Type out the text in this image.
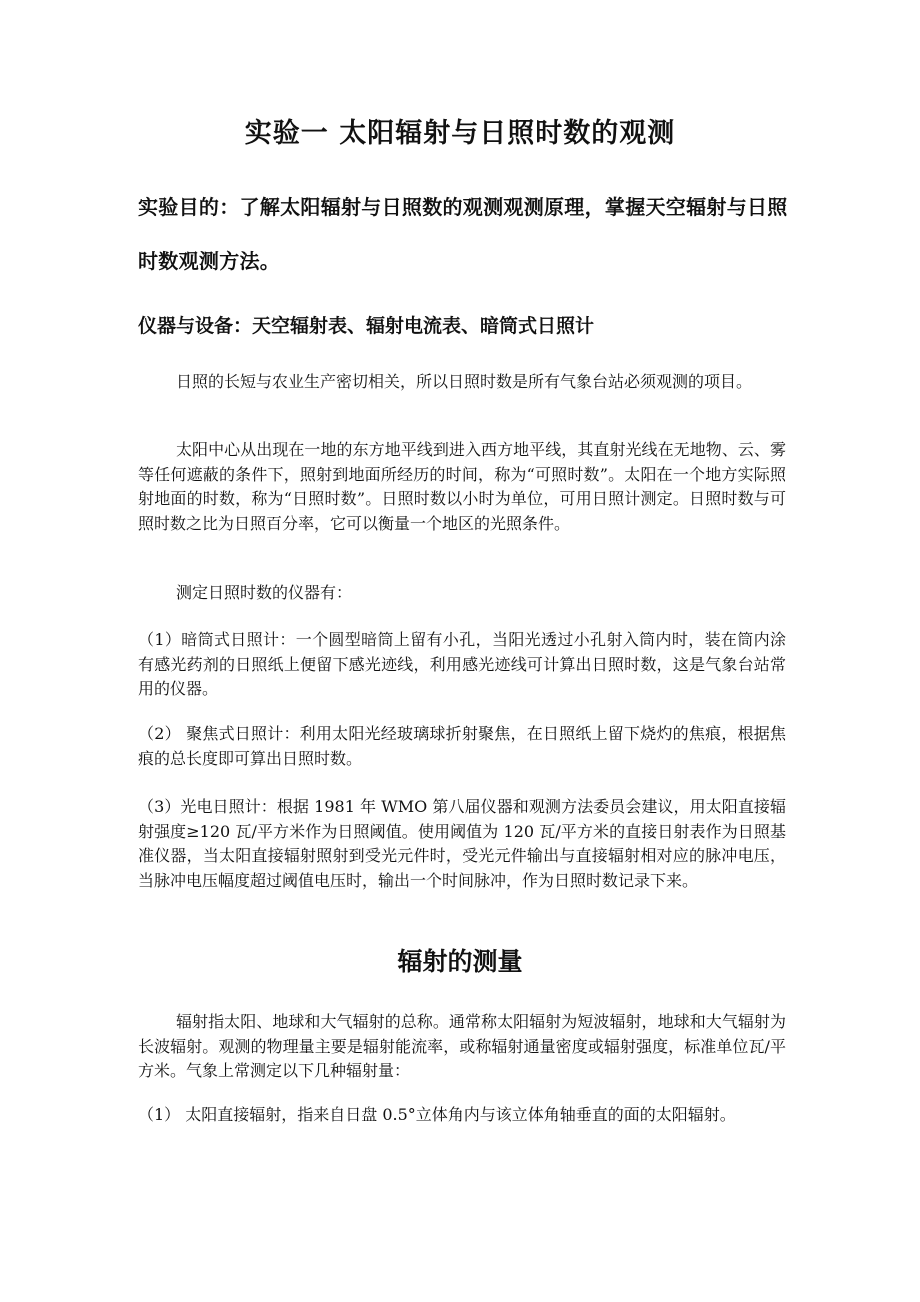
实验一 太阳辐射与日照时数的观测
实验目的：了解太阳辐射与日照数的观测观测原理，掌握天空辐射与日照时数观测方法。
仪器与设备：天空辐射表、辐射电流表、暗筒式日照计

日照的长短与农业生产密切相关，所以日照时数是所有气象台站必须观测的项目。

太阳中心从出现在一地的东方地平线到进入西方地平线，其直射光线在无地物、云、雾等任何遮蔽的条件下，照射到地面所经历的时间，称为“可照时数”。太阳在一个地方实际照射地面的时数，称为“日照时数”。日照时数以小时为单位，可用日照计测定。日照时数与可照时数之比为日照百分率，它可以衡量一个地区的光照条件。

测定日照时数的仪器有：

（1）暗筒式日照计：一个圆型暗筒上留有小孔，当阳光透过小孔射入筒内时，装在筒内涂有感光药剂的日照纸上便留下感光迹线，利用感光迹线可计算出日照时数，这是气象台站常用的仪器。

（2） 聚焦式日照计：利用太阳光经玻璃球折射聚焦，在日照纸上留下烧灼的焦痕，根据焦痕的总长度即可算出日照时数。

（3）光电日照计：根据 1981 年 WMO 第八届仪器和观测方法委员会建议，用太阳直接辐射强度≥120 瓦/平方米作为日照阈值。使用阈值为 120 瓦/平方米的直接日射表作为日照基准仪器，当太阳直接辐射照射到受光元件时，受光元件输出与直接辐射相对应的脉冲电压，当脉冲电压幅度超过阈值电压时，输出一个时间脉冲，作为日照时数记录下来。

辐射的测量

辐射指太阳、地球和大气辐射的总称。通常称太阳辐射为短波辐射，地球和大气辐射为长波辐射。观测的物理量主要是辐射能流率，或称辐射通量密度或辐射强度，标准单位瓦/平方米。气象上常测定以下几种辐射量：

（1） 太阳直接辐射，指来自日盘 0.5°立体角内与该立体角轴垂直的面的太阳辐射。
